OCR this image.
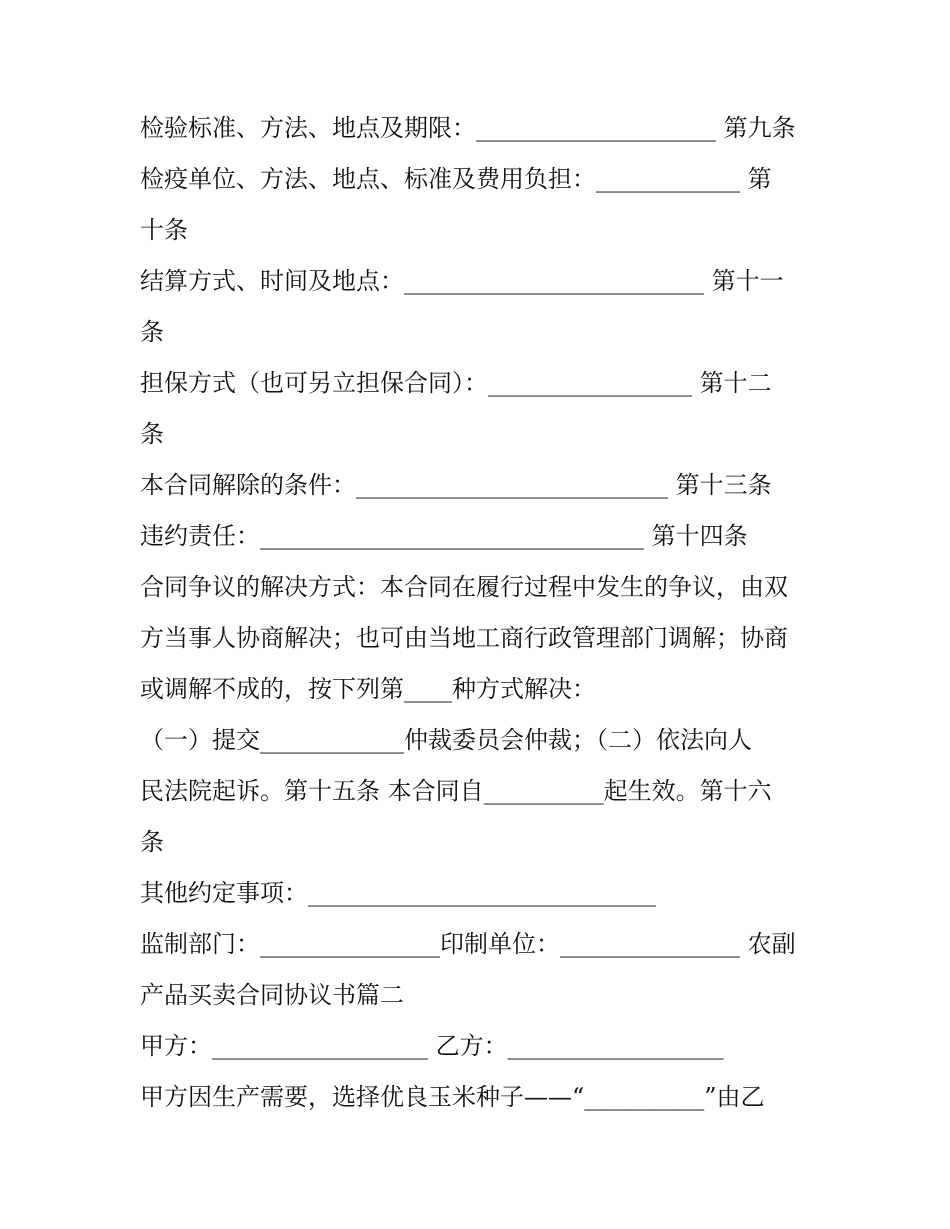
检验标准、方法、地点及期限：____________________ 第九条
检疫单位、方法、地点、标准及费用负担：____________ 第
十条
结算方式、时间及地点：_________________________ 第十一
条
担保方式（也可另立担保合同）：_________________ 第十二
条
本合同解除的条件：__________________________ 第十三条
违约责任：________________________________ 第十四条
合同争议的解决方式：本合同在履行过程中发生的争议，由双
方当事人协商解决；也可由当地工商行政管理部门调解；协商
或调解不成的，按下列第____种方式解决：
（一）提交____________仲裁委员会仲裁；（二）依法向人
民法院起诉。第十五条 本合同自__________起生效。第十六
条
其他约定事项：_____________________________
监制部门：_______________印制单位：_______________ 农副
产品买卖合同协议书篇二
甲方：__________________ 乙方：__________________
甲方因生产需要，选择优良玉米种子——“__________”由乙
